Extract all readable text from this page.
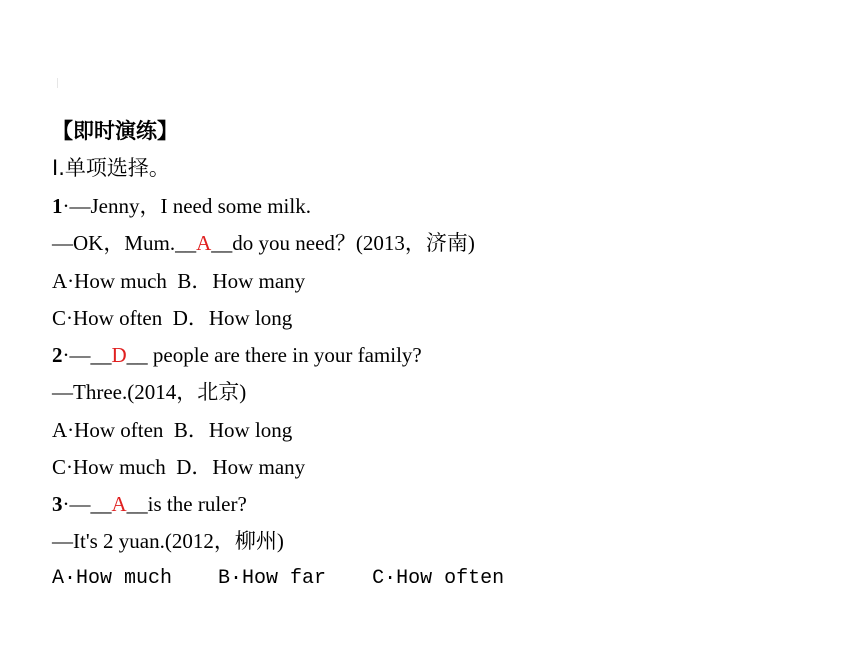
【即时演练】
Ⅰ.单项选择。
1·—Jenny，I need some milk.
—OK，Mum.__A__do you need？(2013，济南)
A·How much  B．How many
C·How often  D．How long
2·—__D__ people are there in your family?
—Three.(2014，北京)
A·How often  B．How long
C·How much  D．How many
3·—__A__is the ruler?
—It's 2 yuan.(2012，柳州)
A·How much B·How far C·How often
